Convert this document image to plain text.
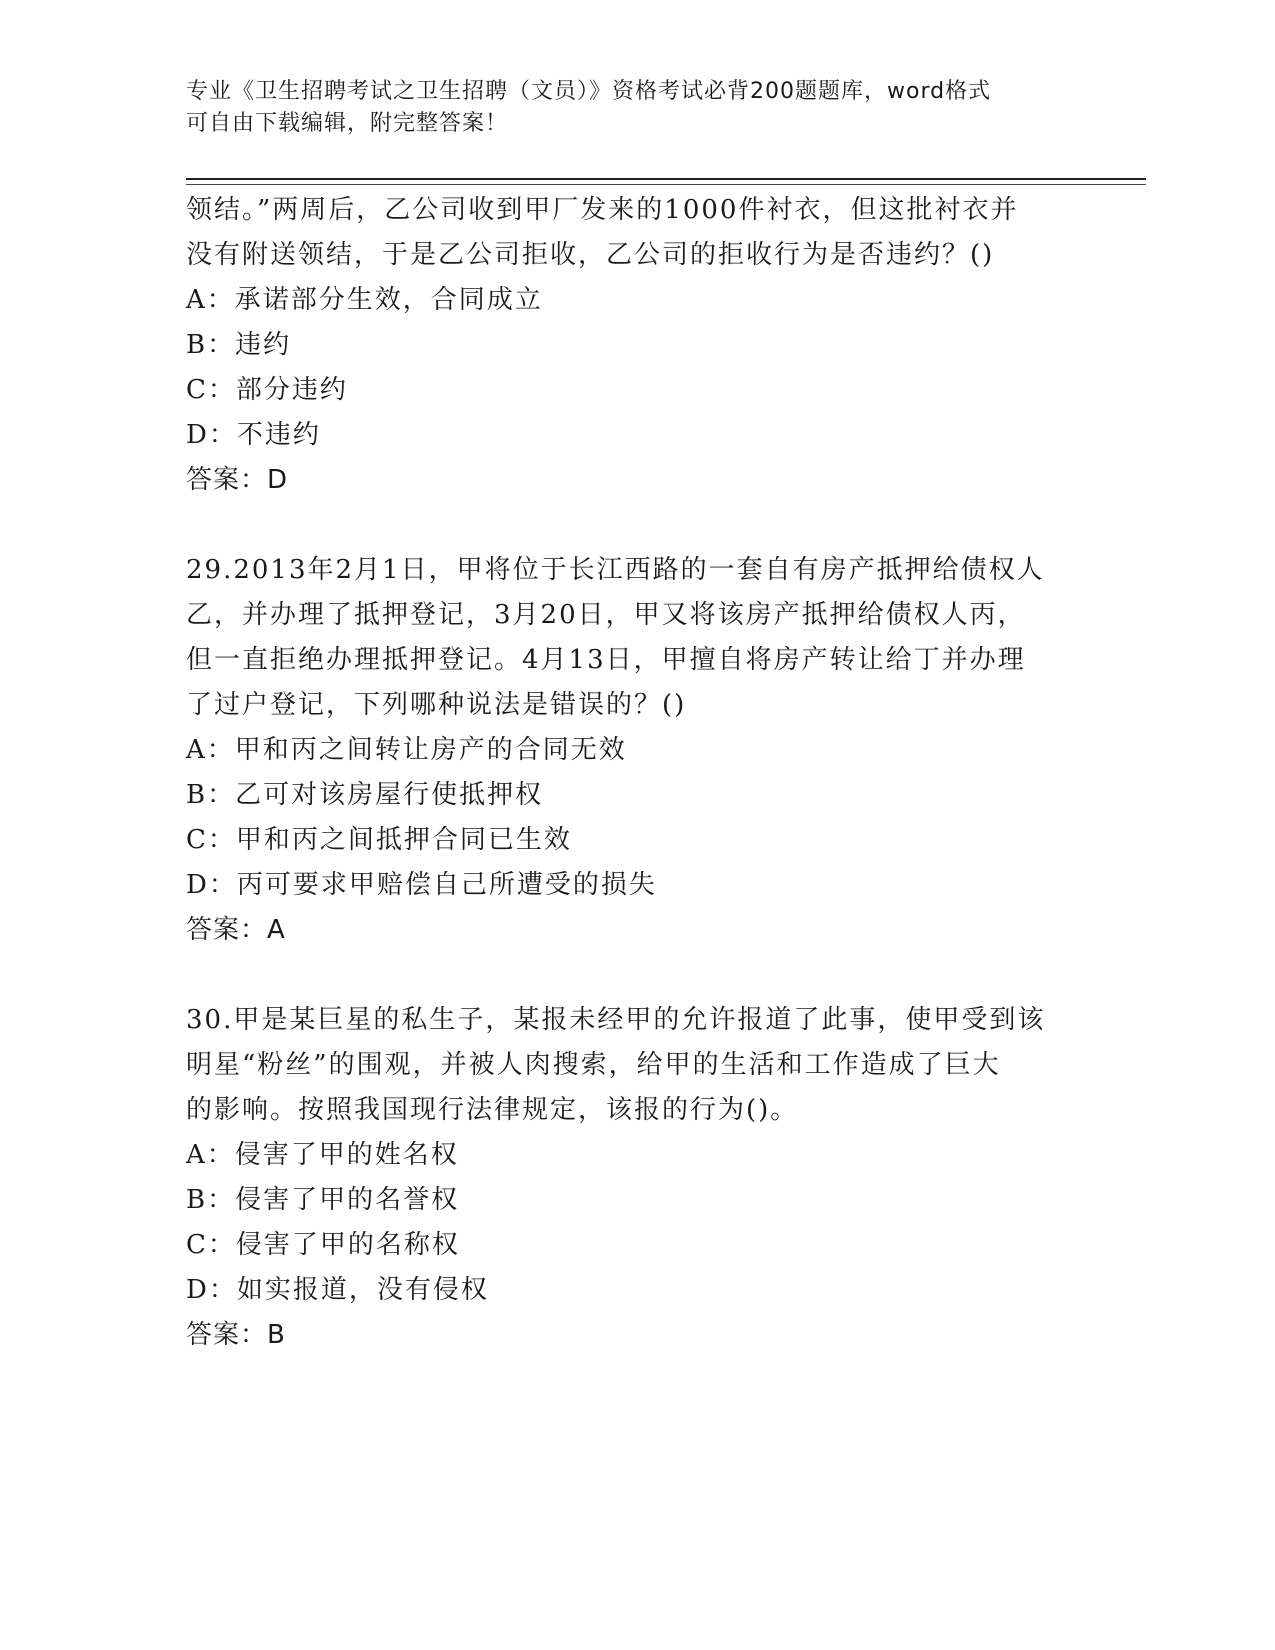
专业《卫生招聘考试之卫生招聘（文员）》资格考试必背200题题库，word格式
可自由下载编辑，附完整答案！
领结。”两周后，乙公司收到甲厂发来的1000件衬衣，但这批衬衣并
没有附送领结，于是乙公司拒收，乙公司的拒收行为是否违约？()
A：承诺部分生效，合同成立
B：违约
C：部分违约
D：不违约
答案：D
29.2013年2月1日，甲将位于长江西路的一套自有房产抵押给债权人
乙，并办理了抵押登记，3月20日，甲又将该房产抵押给债权人丙，
但一直拒绝办理抵押登记。4月13日，甲擅自将房产转让给丁并办理
了过户登记，下列哪种说法是错误的？()
A：甲和丙之间转让房产的合同无效
B：乙可对该房屋行使抵押权
C：甲和丙之间抵押合同已生效
D：丙可要求甲赔偿自己所遭受的损失
答案：A
30.甲是某巨星的私生子，某报未经甲的允许报道了此事，使甲受到该
明星“粉丝”的围观，并被人肉搜索，给甲的生活和工作造成了巨大
的影响。按照我国现行法律规定，该报的行为()。
A：侵害了甲的姓名权
B：侵害了甲的名誉权
C：侵害了甲的名称权
D：如实报道，没有侵权
答案：B
